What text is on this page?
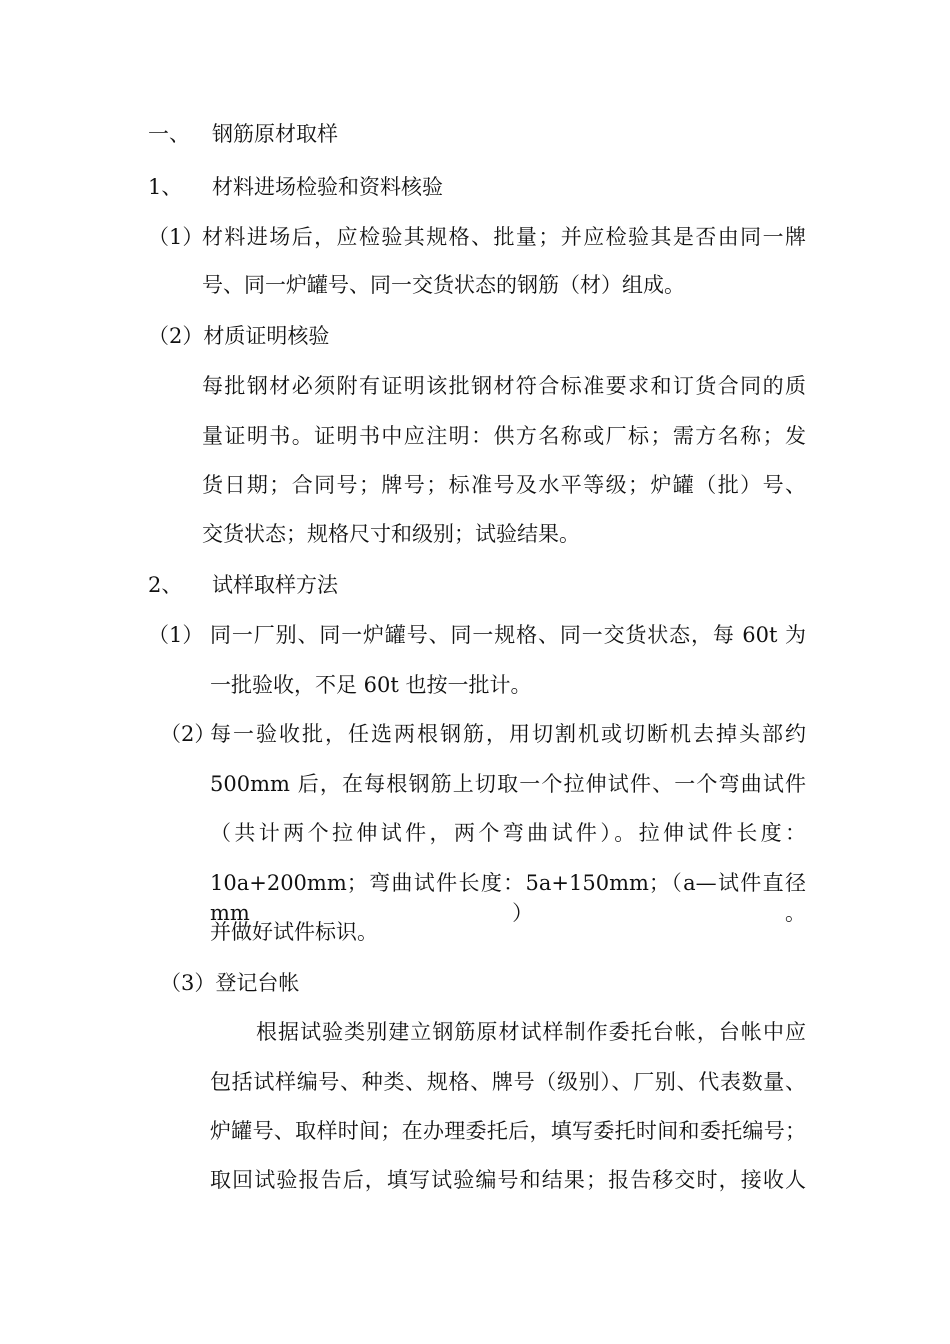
一、 钢筋原材取样
1、 材料进场检验和资料核验
（1）
材料进场后，应检验其规格、批量；并应检验其是否由同一牌
号、同一炉罐号、同一交货状态的钢筋（材）组成。
（2）材质证明核验
每批钢材必须附有证明该批钢材符合标准要求和订货合同的质
量证明书。证明书中应注明：供方名称或厂标；需方名称；发
货日期；合同号；牌号；标准号及水平等级；炉罐（批）号、
交货状态；规格尺寸和级别；试验结果。
2、 试样取样方法
（1） 同一厂别、同一炉罐号、同一规格、同一交货状态，每 60t 为
一批验收，不足 60t 也按一批计。
（2）
每一验收批，任选两根钢筋，用切割机或切断机去掉头部约
500mm 后，在每根钢筋上切取一个拉伸试件、一个弯曲试件
（共计两个拉伸试件，两个弯曲试件）。拉伸试件长度：
10a+200mm；弯曲试件长度：5a+150mm；（a—试件直径 mm）。
并做好试件标识。
（3）登记台帐
根据试验类别建立钢筋原材试样制作委托台帐，台帐中应
包括试样编号、种类、规格、牌号（级别）、厂别、代表数量、
炉罐号、取样时间；在办理委托后，填写委托时间和委托编号；
取回试验报告后，填写试验编号和结果；报告移交时，接收人
